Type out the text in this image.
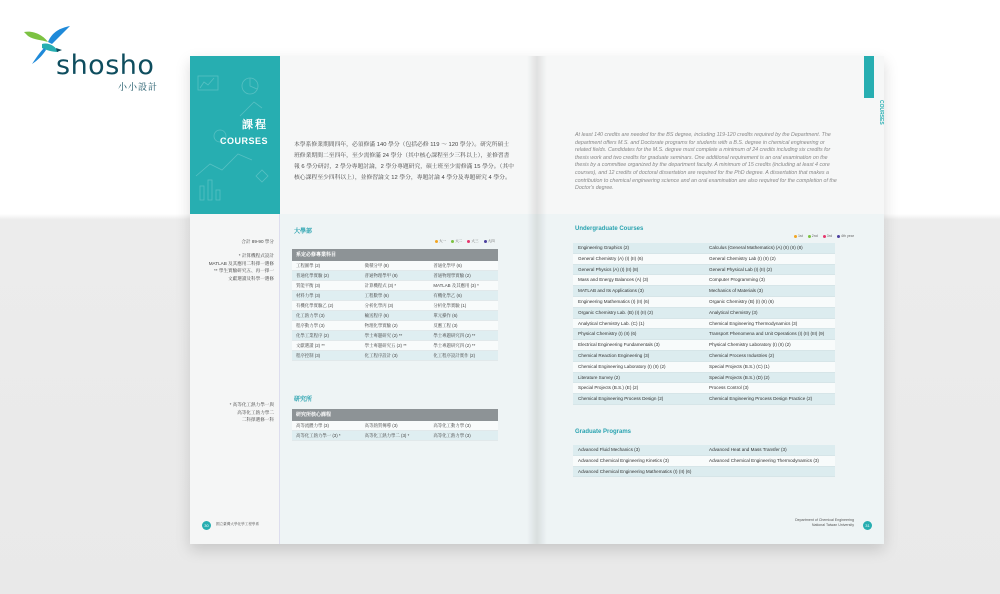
shosho
小小設計
課程
COURSES	本學系修業期間四年，必須修滿 140 學分（包括必修 119 ～ 120 學分）。研究所碩士班修業期間二至四年，至少需修滿 24 學分（其中核心課程至少三科以上），並修習書報 6 學分研討，2 學分專題討論，2 學分專題研究，碩士班至少需修滿 15 學分。（其中核心課程至少四科以上），並修習論文 12 學分，專題討論 4 學分及專題研究 4 學分。
合計 89-90 學分
* 計算機程式設計
MATLAB 及其應用二科擇一選修
** 學生實驗研究五、再一擇一
文獻選讀及科學一選修
* 高等化工熱力學一與
高等化工熱力學二
二科擇選修一科
大學部
大一	大二	大三	大四
系定必修專業科目
工程圖學 (2)	微積分甲 (8)	普通化學甲 (6)
普通化學實驗 (2)	普通物理學甲 (8)	普通物理學實驗 (2)
質能平衡 (3)	計算機程式 (3) *	MATLAB 及其應用 (3) *
材料力學 (3)	工程數學 (6)	有機化學乙 (6)
有機化學實驗乙 (2)	分析化學丙 (3)	分析化學實驗 (1)
化工熱力學 (3)	輸送程序 (6)	單元操作 (6)
程序動力學 (3)	物理化學實驗 (2)	反應工程 (3)
化學工業程序 (2)	學士專題研究 (2) **	學士專題研究四 (2) **
文獻選讀 (2) **	學士專題研究五 (2) **	學士專題研究四 (2) **
程序控制 (3)	化工程序設計 (3)	化工程序設計實作 (2)
研究所
研究所核心課程
高等流體力學 (3)	高等熱質傳導 (3)	高等化工動力學 (3)
高等化工熱力學一 (3) *	高等化工熱力學二 (3) *	高等化工熱力學 (3)
30	國立臺灣大學化學工程學系
COURSES
At least 140 credits are needed for the BS degree, including 119-120 credits required by the Department. The department offers M.S. and Doctorate programs for students with a B.S. degree in chemical engineering or related fields. Candidates for the M.S. degree must complete a minimum of 24 credits including six credits for thesis work and two credits for graduate seminars. One additional requirement is an oral examination on the thesis by a committee organized by the department faculty. A minimum of 15 credits (including at least 4 core courses), and 12 credits of doctoral dissertation are required for the PhD degree. A dissertation that makes a contribution to chemical engineering science and an oral examination are also required for the completion of the Doctor's degree.
Undergraduate Courses
1st	2nd	3rd	4th year
Engineering Graphics (2)	Calculus (General Mathematics) (A) (II) (II) (8)
General Chemistry (A) (I) (II) (6)	General Chemistry Lab (I) (II) (2)
General Physics (A) (I) (II) (8)	General Physical Lab (I) (II) (2)
Mass and Energy Balances (A) (3)	Computer Programming (3)
MATLAB and Its Applications (3)	Mechanics of Materials (3)
Engineering Mathematics (I) (II) (6)	Organic Chemistry (B) (I) (II) (6)
Organic Chemistry Lab. (B) (I) (II) (2)	Analytical Chemistry (3)
Analytical Chemistry Lab. (C) (1)	Chemical Engineering Thermodynamics (3)
Physical Chemistry (I) (II) (6)	Transport Phenomena and Unit Operations (I) (II) (III) (9)
Electrical Engineering Fundamentals (3)	Physical Chemistry Laboratory (I) (II) (2)
Chemical Reaction Engineering (3)	Chemical Process Industries (2)
Chemical Engineering Laboratory (I) (II) (2)	Special Projects (B.S.) (C) (1)
Literature Survey (2)	Special Projects (B.S.) (D) (2)
Special Projects (B.S.) (E) (2)	Process Control (3)
Chemical Engineering Process Design (2)	Chemical Engineering Process Design Practice (2)
Graduate Programs
Advanced Fluid Mechanics (3)	Advanced Heat and Mass Transfer (3)
Advanced Chemical Engineering Kinetics (3)	Advanced Chemical Engineering Thermodynamics (3)
Advanced Chemical Engineering Mathematics (I) (II) (6)
Department of Chemical Engineering
National Taiwan University	31
